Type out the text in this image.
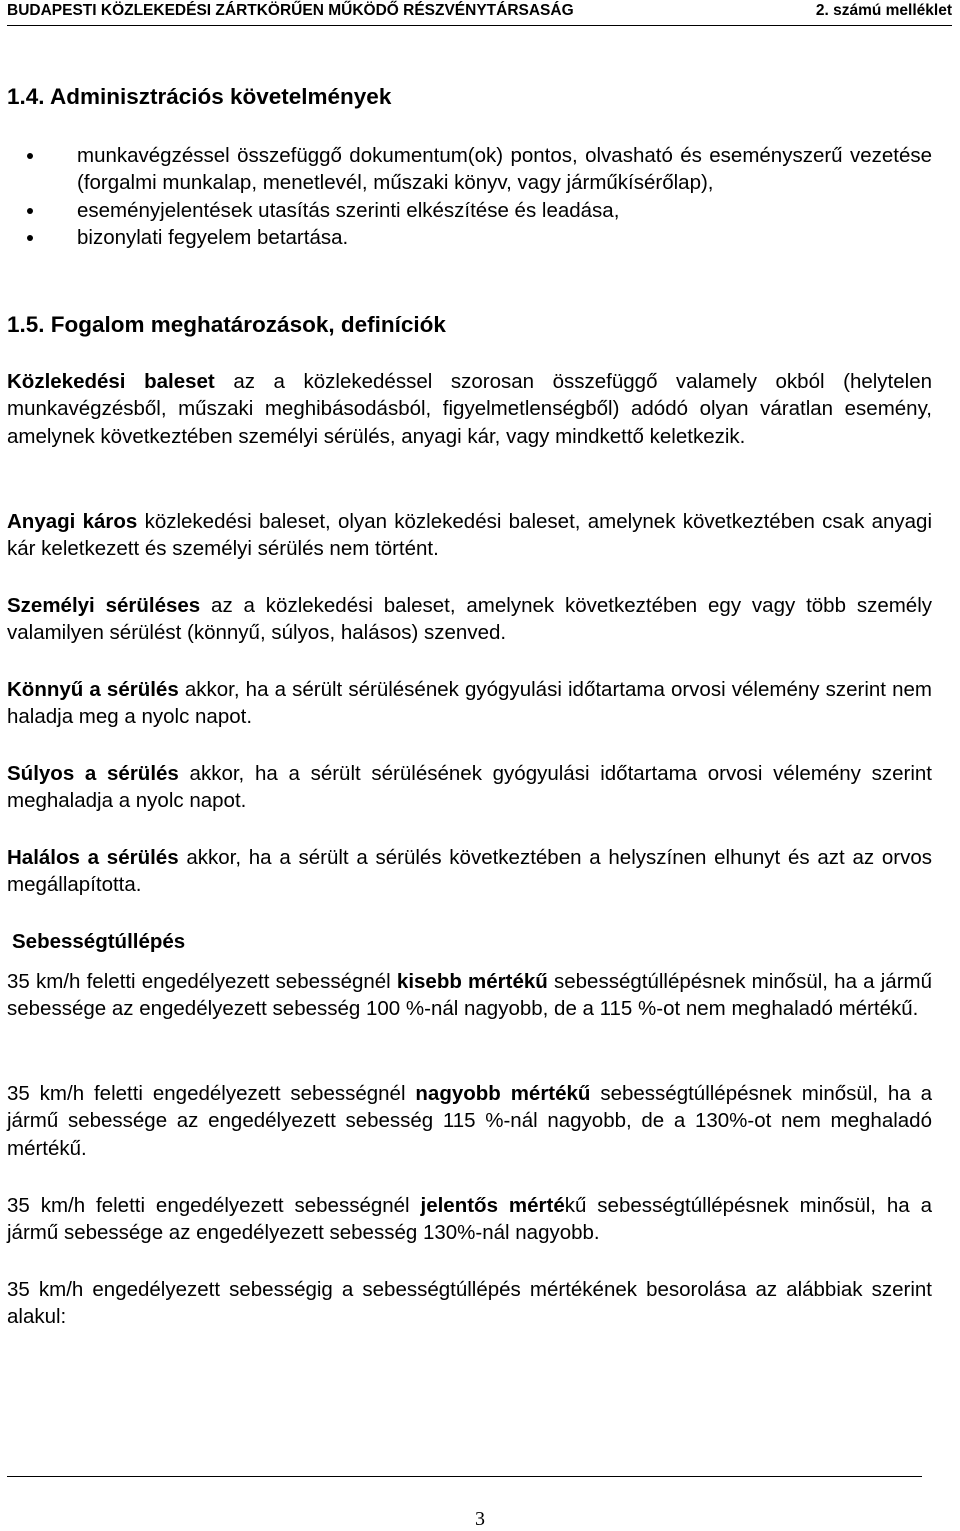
BUDAPESTI KÖZLEKEDÉSI ZÁRTKÖRŰEN MŰKÖDŐ RÉSZVÉNYTÁRSASÁG	2. számú melléklet
1.4. Adminisztrációs követelmények
munkavégzéssel összefüggő dokumentum(ok) pontos, olvasható és eseményszerű vezetése (forgalmi munkalap, menetlevél, műszaki könyv, vagy járműkísérőlap),
eseményjelentések utasítás szerinti elkészítése és leadása,
bizonylati fegyelem betartása.
1.5. Fogalom meghatározások, definíciók

Közlekedési baleset az a közlekedéssel szorosan összefüggő valamely okból (helytelen munkavégzésből, műszaki meghibásodásból, figyelmetlenségből) adódó olyan váratlan esemény, amelynek következtében személyi sérülés, anyagi kár, vagy mindkettő keletkezik.

Anyagi káros közlekedési baleset, olyan közlekedési baleset, amelynek következtében csak anyagi kár keletkezett és személyi sérülés nem történt.

Személyi sérüléses az a közlekedési baleset, amelynek következtében egy vagy több személy valamilyen sérülést (könnyű, súlyos, halásos) szenved.

Könnyű a sérülés akkor, ha a sérült sérülésének gyógyulási időtartama orvosi vélemény szerint nem haladja meg a nyolc napot.

Súlyos a sérülés akkor, ha a sérült sérülésének gyógyulási időtartama orvosi vélemény szerint meghaladja a nyolc napot.

Halálos a sérülés akkor, ha a sérült a sérülés következtében a helyszínen elhunyt és azt az orvos megállapította.

Sebességtúllépés

35 km/h feletti engedélyezett sebességnél kisebb mértékű sebességtúllépésnek minősül, ha a jármű sebessége az engedélyezett sebesség 100 %-nál nagyobb, de a 115 %-ot nem meghaladó mértékű.

35 km/h feletti engedélyezett sebességnél nagyobb mértékű sebességtúllépésnek minősül, ha a jármű sebessége az engedélyezett sebesség 115 %-nál nagyobb, de a 130%-ot nem meghaladó mértékű.

35 km/h feletti engedélyezett sebességnél jelentős mértékű sebességtúllépésnek minősül, ha a jármű sebessége az engedélyezett sebesség 130%-nál nagyobb.

35 km/h engedélyezett sebességig a sebességtúllépés mértékének besorolása az alábbiak szerint alakul:

3
